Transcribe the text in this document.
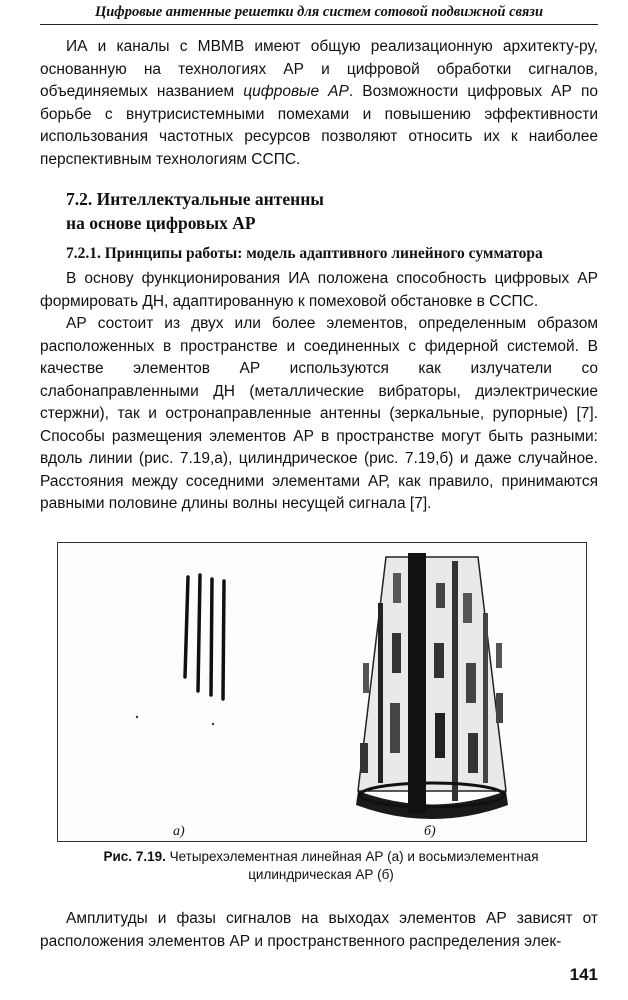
Цифровые антенные решетки для систем сотовой подвижной связи

ИА и каналы с МВМВ имеют общую реализационную архитекту-ру, основанную на технологиях АР и цифровой обработки сигналов, объединяемых названием цифровые АР. Возможности цифровых АР по борьбе с внутрисистемными помехами и повышению эффективности использования частотных ресурсов позволяют относить их к наиболее перспективным технологиям ССПС.

7.2. Интеллектуальные антенны
на основе цифровых АР
7.2.1. Принципы работы: модель адаптивного линейного сумматора

В основу функционирования ИА положена способность цифровых АР формировать ДН, адаптированную к помеховой обстановке в ССПС.

АР состоит из двух или более элементов, определенным образом расположенных в пространстве и соединенных с фидерной системой. В качестве элементов АР используются как излучатели со слабонаправленными ДН (металлические вибраторы, диэлектрические стержни), так и остронаправленные антенны (зеркальные, рупорные) [7]. Способы размещения элементов АР в пространстве могут быть разными: вдоль линии (рис. 7.19,а), цилиндрическое (рис. 7.19,б) и даже случайное. Расстояния между соседними элементами АР, как правило, принимаются равными половине длины волны несущей сигнала [7].

а)	б)
Рис. 7.19. Четырехэлементная линейная АР (а) и восьмиэлементная цилиндрическая АР (б)

Амплитуды и фазы сигналов на выходах элементов АР зависят от расположения элементов АР и пространственного распределения элек-

141
